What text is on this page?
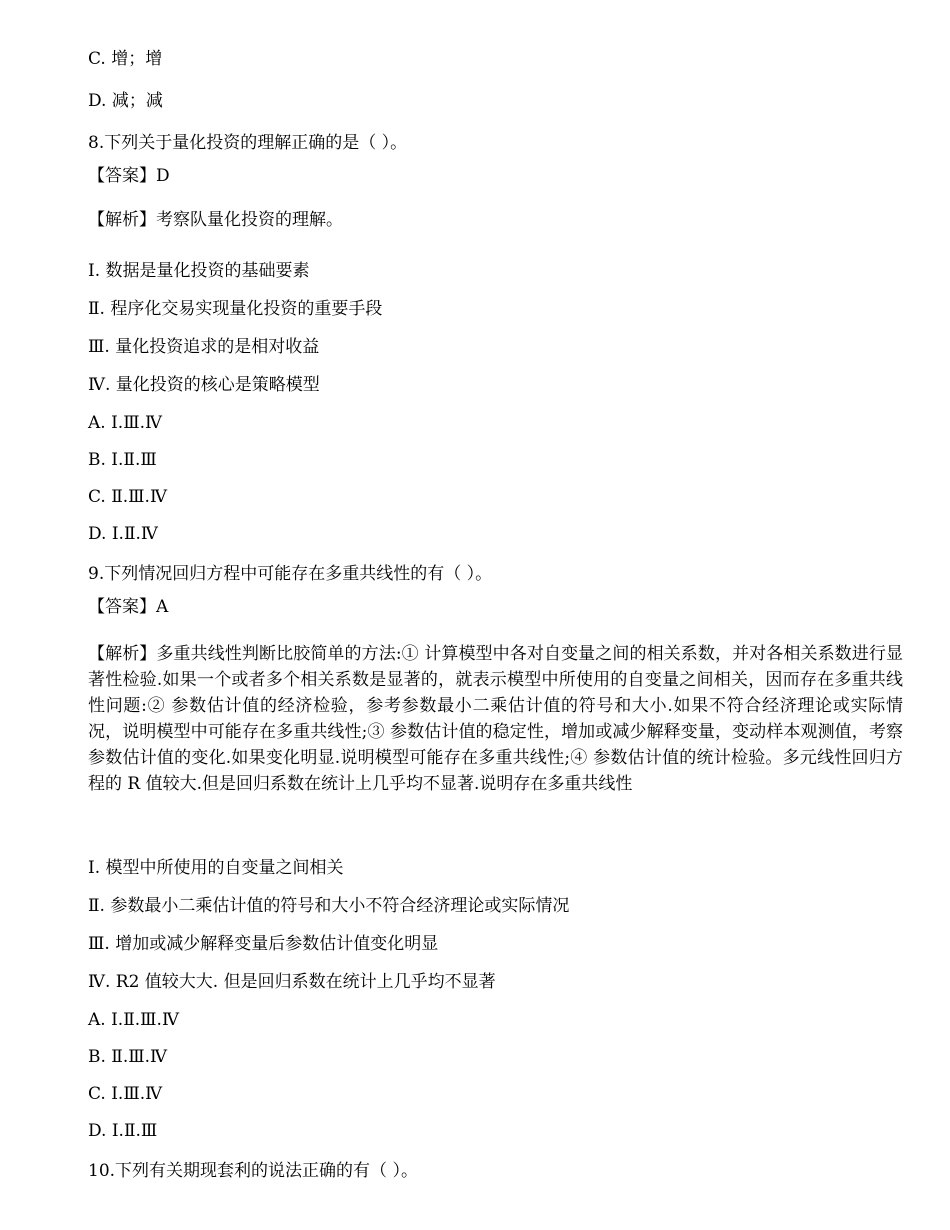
C. 增；增
D. 减；减
8.下列关于量化投资的理解正确的是（ ）。
【答案】D
【解析】考察队量化投资的理解。
I. 数据是量化投资的基础要素
Ⅱ. 程序化交易实现量化投资的重要手段
Ⅲ. 量化投资追求的是相对收益
Ⅳ. 量化投资的核心是策略模型
A. I.Ⅲ.Ⅳ
B. I.Ⅱ.Ⅲ
C. Ⅱ.Ⅲ.Ⅳ
D. I.Ⅱ.Ⅳ
9.下列情况回归方程中可能存在多重共线性的有（ ）。
【答案】A
【解析】多重共线性判断比胶简单的方法:① 计算模型中各对自变量之间的相关系数，并对各相关系数进行显著性检验.如果一个或者多个相关系数是显著的，就表示模型中所使用的自变量之间相关，因而存在多重共线性问题:② 参数估计值的经济检验，参考参数最小二乘估计值的符号和大小.如果不符合经济理论或实际情况，说明模型中可能存在多重共线性;③ 参数估计值的稳定性，增加或减少解释变量，变动样本观测值，考察参数估计值的变化.如果变化明显.说明模型可能存在多重共线性;④ 参数估计值的统计检验。多元线性回归方程的 R 值较大.但是回归系数在统计上几乎均不显著.说明存在多重共线性
I. 模型中所使用的自变量之间相关
Ⅱ. 参数最小二乘估计值的符号和大小不符合经济理论或实际情况
Ⅲ. 增加或减少解释变量后参数估计值变化明显
Ⅳ. R2 值较大大. 但是回归系数在统计上几乎均不显著
A. I.Ⅱ.Ⅲ.Ⅳ
B. Ⅱ.Ⅲ.Ⅳ
C. I.Ⅲ.Ⅳ
D. I.Ⅱ.Ⅲ
10.下列有关期现套利的说法正确的有（ ）。
